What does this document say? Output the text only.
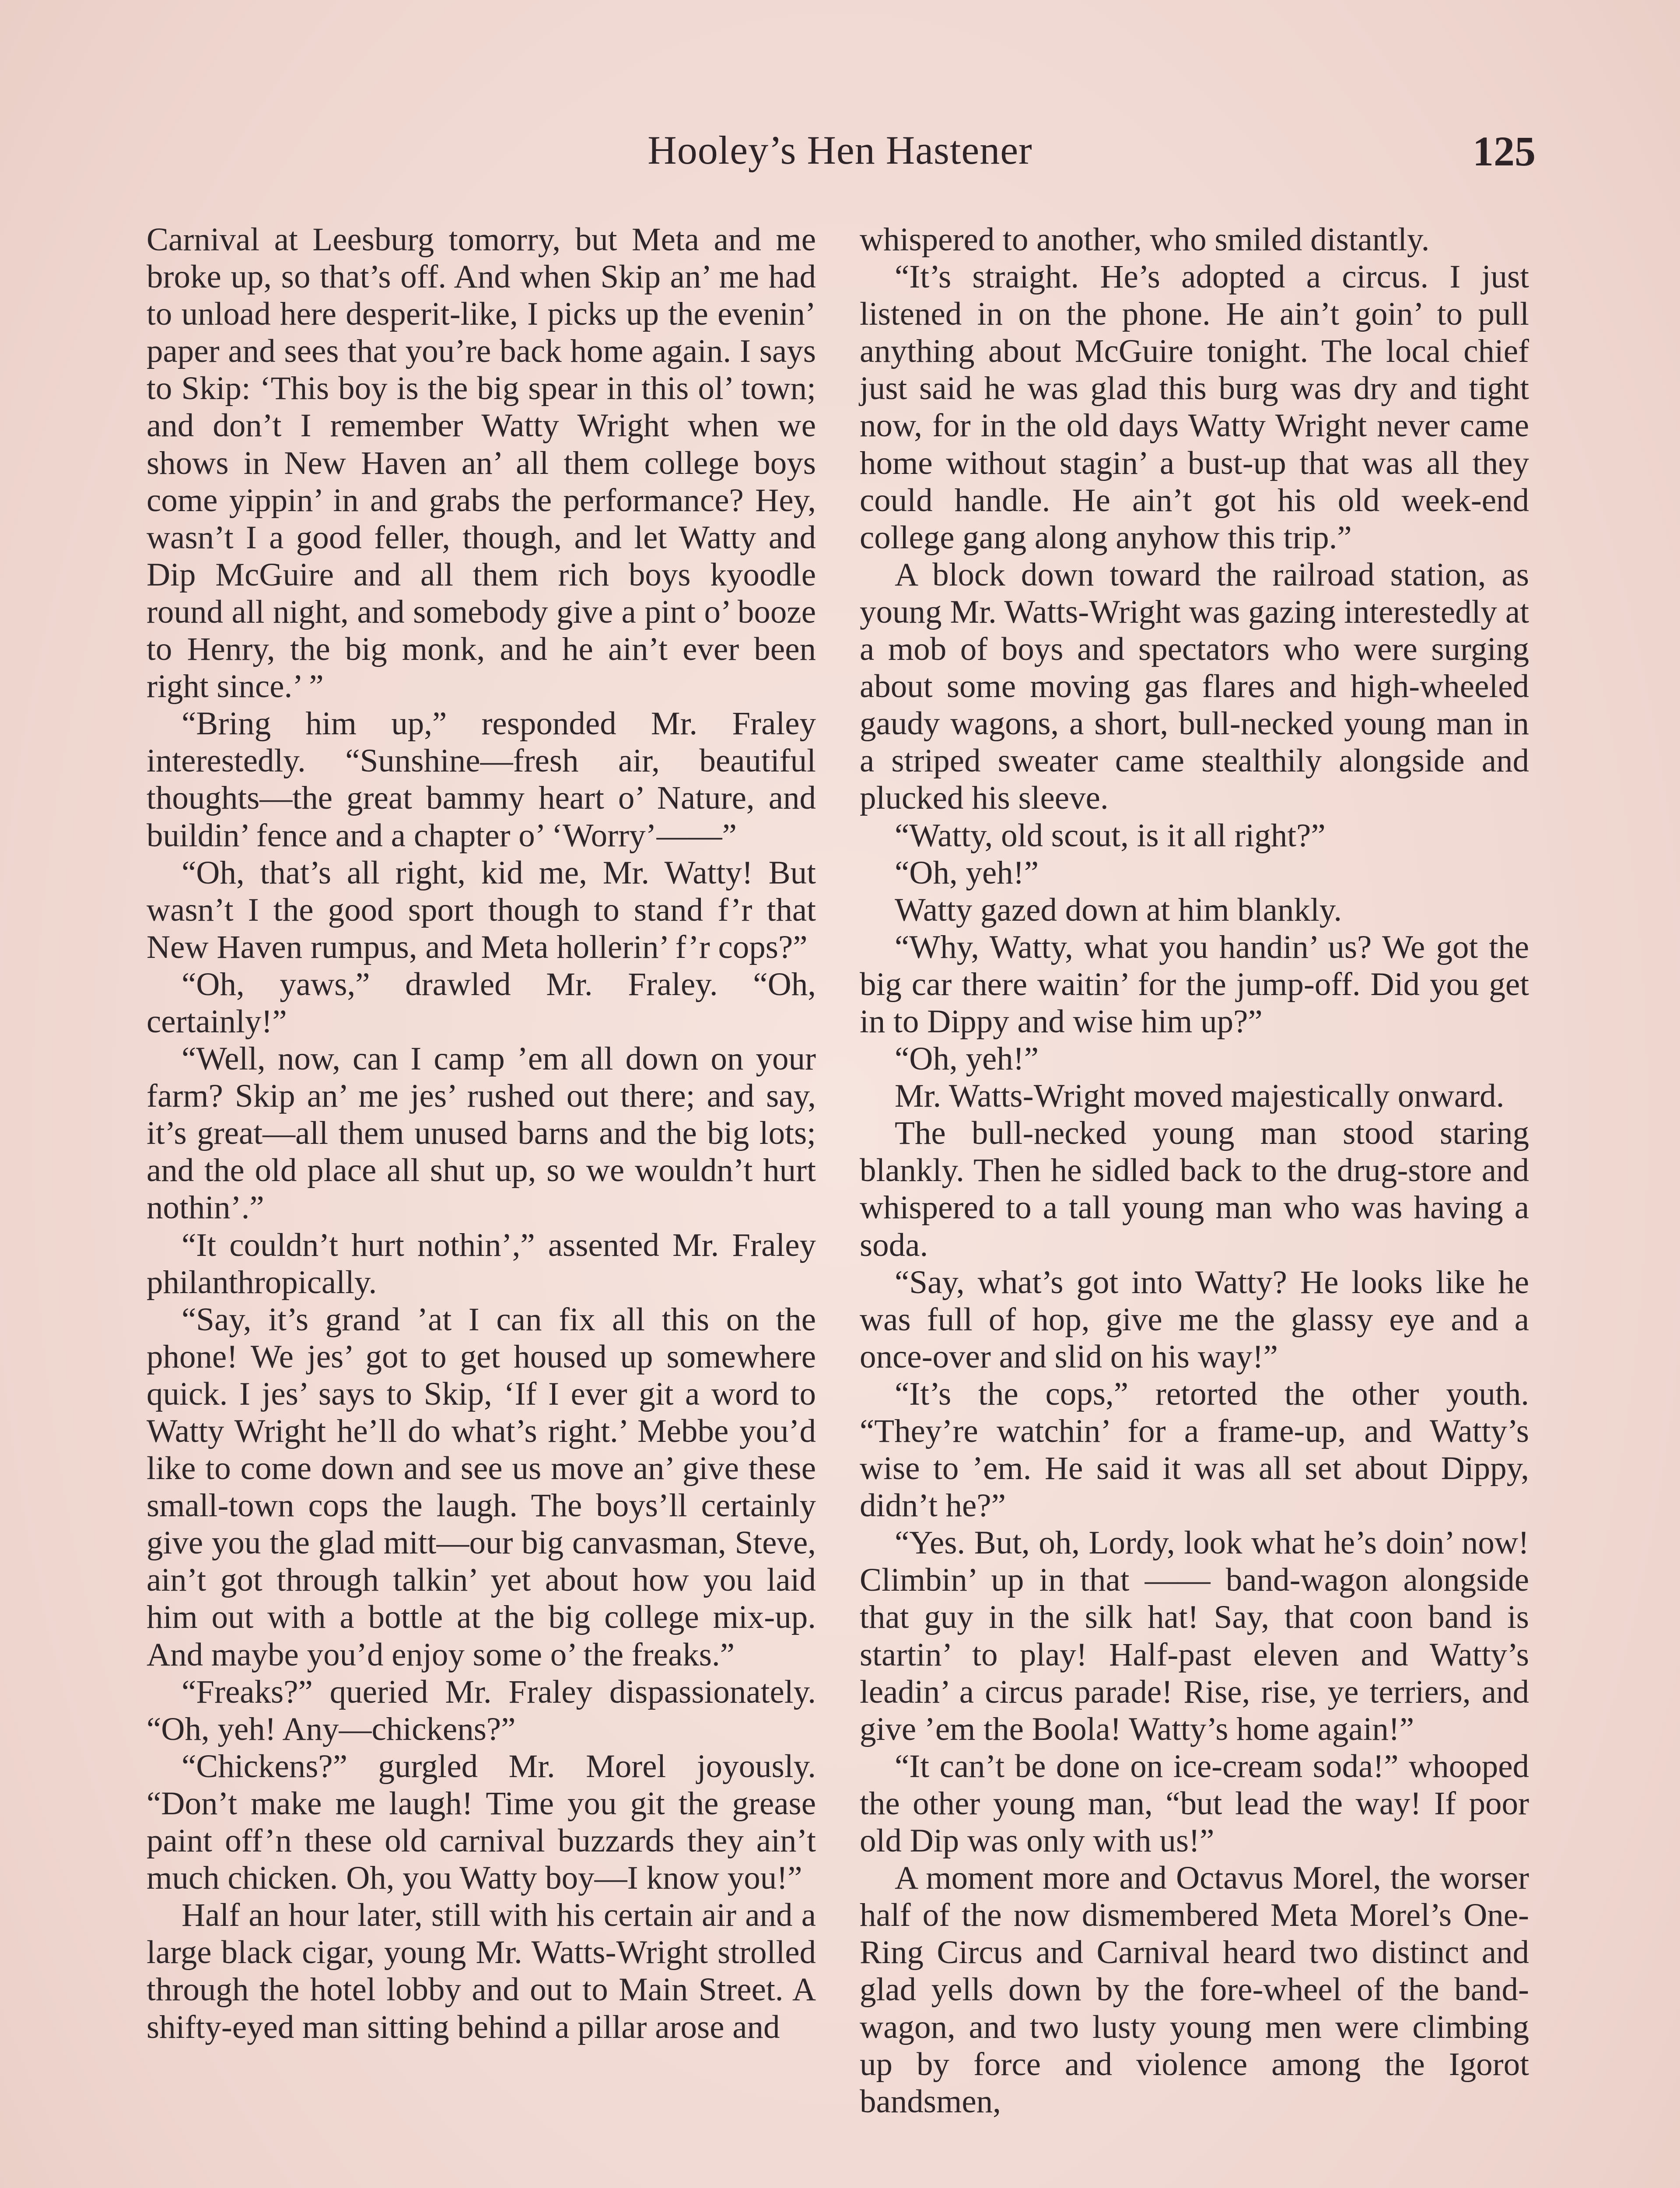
Hooley’s Hen Hastener	125

Carnival at Leesburg tomorry, but Meta and me broke up, so that’s off. And when Skip an’ me had to unload here desperit-like, I picks up the evenin’ paper and sees that you’re back home again. I says to Skip: ‘This boy is the big spear in this ol’ town; and don’t I remember Watty Wright when we shows in New Haven an’ all them college boys come yippin’ in and grabs the performance? Hey, wasn’t I a good feller, though, and let Watty and Dip McGuire and all them rich boys kyoodle round all night, and somebody give a pint o’ booze to Henry, the big monk, and he ain’t ever been right since.’ ”

“Bring him up,” responded Mr. Fraley interestedly. “Sunshine—fresh air, beautiful thoughts—the great bammy heart o’ Nature, and buildin’ fence and a chapter o’ ‘Worry’——”

“Oh, that’s all right, kid me, Mr. Watty! But wasn’t I the good sport though to stand f’r that New Haven rumpus, and Meta hollerin’ f’r cops?”

“Oh, yaws,” drawled Mr. Fraley. “Oh, certainly!”

“Well, now, can I camp ’em all down on your farm? Skip an’ me jes’ rushed out there; and say, it’s great—all them unused barns and the big lots; and the old place all shut up, so we wouldn’t hurt nothin’.”

“It couldn’t hurt nothin’,” assented Mr. Fraley philanthropically.

“Say, it’s grand ’at I can fix all this on the phone! We jes’ got to get housed up somewhere quick. I jes’ says to Skip, ‘If I ever git a word to Watty Wright he’ll do what’s right.’ Mebbe you’d like to come down and see us move an’ give these small-town cops the laugh. The boys’ll certainly give you the glad mitt—our big canvasman, Steve, ain’t got through talkin’ yet about how you laid him out with a bottle at the big college mix-up. And maybe you’d enjoy some o’ the freaks.”

“Freaks?” queried Mr. Fraley dispassionately. “Oh, yeh! Any—chickens?”

“Chickens?” gurgled Mr. Morel joyously. “Don’t make me laugh! Time you git the grease paint off’n these old carnival buzzards they ain’t much chicken. Oh, you Watty boy—I know you!”

Half an hour later, still with his certain air and a large black cigar, young Mr. Watts-Wright strolled through the hotel lobby and out to Main Street. A shifty-eyed man sitting behind a pillar arose and

whispered to another, who smiled distantly.

“It’s straight. He’s adopted a circus. I just listened in on the phone. He ain’t goin’ to pull anything about McGuire tonight. The local chief just said he was glad this burg was dry and tight now, for in the old days Watty Wright never came home without stagin’ a bust-up that was all they could handle. He ain’t got his old week-end college gang along anyhow this trip.”

A block down toward the railroad station, as young Mr. Watts-Wright was gazing interestedly at a mob of boys and spectators who were surging about some moving gas flares and high-wheeled gaudy wagons, a short, bull-necked young man in a striped sweater came stealthily alongside and plucked his sleeve.

“Watty, old scout, is it all right?”

“Oh, yeh!”

Watty gazed down at him blankly.

“Why, Watty, what you handin’ us? We got the big car there waitin’ for the jump-off. Did you get in to Dippy and wise him up?”

“Oh, yeh!”

Mr. Watts-Wright moved majestically onward.

The bull-necked young man stood staring blankly. Then he sidled back to the drug-store and whispered to a tall young man who was having a soda.

“Say, what’s got into Watty? He looks like he was full of hop, give me the glassy eye and a once-over and slid on his way!”

“It’s the cops,” retorted the other youth. “They’re watchin’ for a frame-up, and Watty’s wise to ’em. He said it was all set about Dippy, didn’t he?”

“Yes. But, oh, Lordy, look what he’s doin’ now! Climbin’ up in that —— band-wagon alongside that guy in the silk hat! Say, that coon band is startin’ to play! Half-past eleven and Watty’s leadin’ a circus parade! Rise, rise, ye terriers, and give ’em the Boola! Watty’s home again!”

“It can’t be done on ice-cream soda!” whooped the other young man, “but lead the way! If poor old Dip was only with us!”

A moment more and Octavus Morel, the worser half of the now dismembered Meta Morel’s One-Ring Circus and Carnival heard two distinct and glad yells down by the fore-wheel of the band-wagon, and two lusty young men were climbing up by force and violence among the Igorot bandsmen,
